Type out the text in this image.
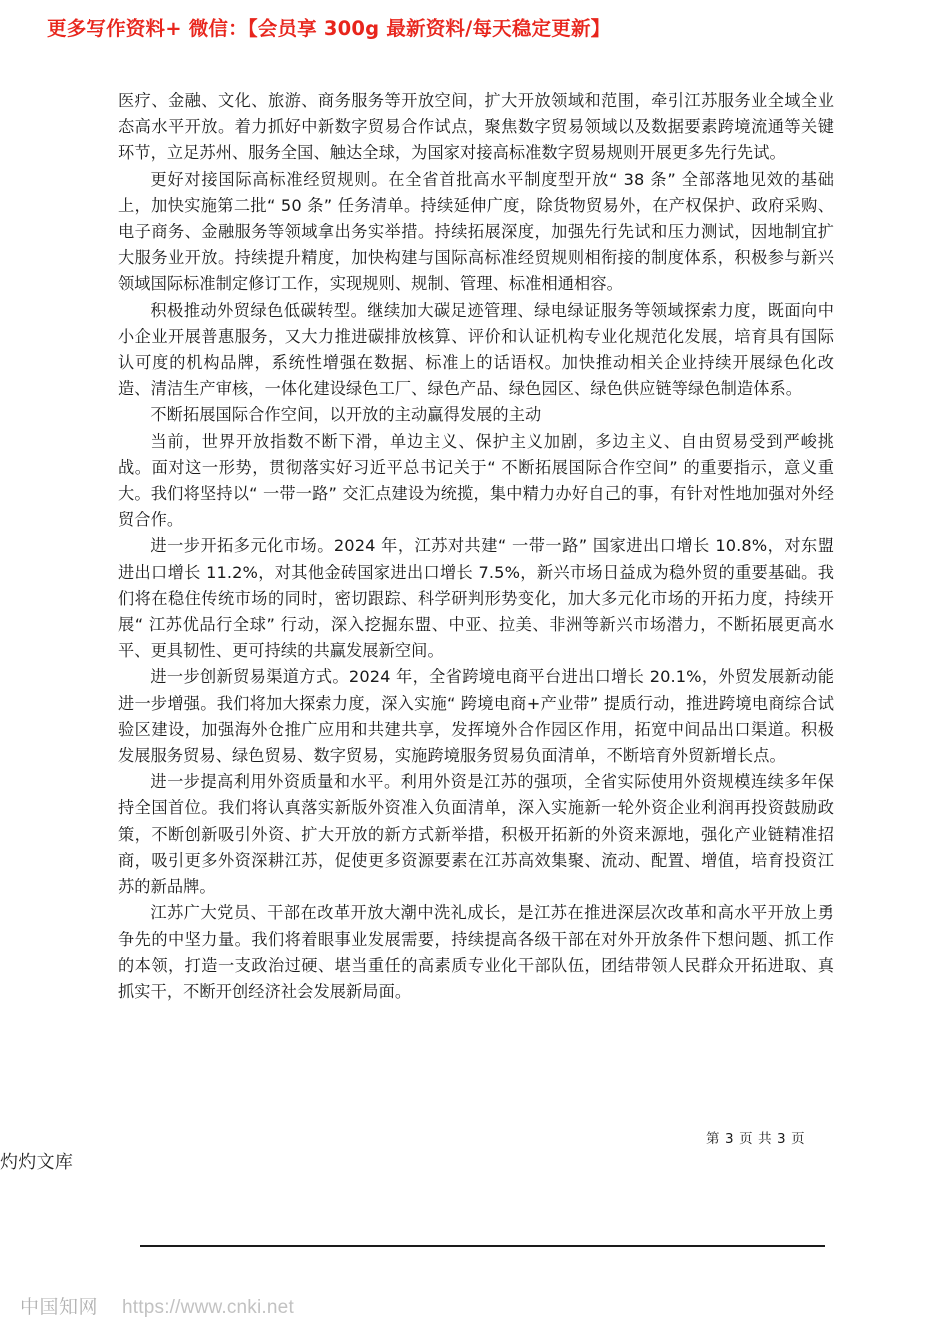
更多写作资料+ 微信：【会员享 300g 最新资料/每天稳定更新】

医疗、金融、文化、旅游、商务服务等开放空间，扩大开放领域和范围，牵引江苏服务业全域全业态高水平开放。着力抓好中新数字贸易合作试点，聚焦数字贸易领域以及数据要素跨境流通等关键环节，立足苏州、服务全国、触达全球，为国家对接高标准数字贸易规则开展更多先行先试。

更好对接国际高标准经贸规则。在全省首批高水平制度型开放“ 38 条” 全部落地见效的基础上，加快实施第二批“ 50 条” 任务清单。持续延伸广度，除货物贸易外，在产权保护、政府采购、电子商务、金融服务等领域拿出务实举措。持续拓展深度，加强先行先试和压力测试，因地制宜扩大服务业开放。持续提升精度，加快构建与国际高标准经贸规则相衔接的制度体系，积极参与新兴领域国际标准制定修订工作，实现规则、规制、管理、标准相通相容。

积极推动外贸绿色低碳转型。继续加大碳足迹管理、绿电绿证服务等领域探索力度，既面向中小企业开展普惠服务，又大力推进碳排放核算、评价和认证机构专业化规范化发展，培育具有国际认可度的机构品牌，系统性增强在数据、标准上的话语权。加快推动相关企业持续开展绿色化改造、清洁生产审核，一体化建设绿色工厂、绿色产品、绿色园区、绿色供应链等绿色制造体系。

不断拓展国际合作空间，以开放的主动赢得发展的主动

当前，世界开放指数不断下滑，单边主义、保护主义加剧，多边主义、自由贸易受到严峻挑战。面对这一形势，贯彻落实好习近平总书记关于“ 不断拓展国际合作空间” 的重要指示，意义重大。我们将坚持以“ 一带一路” 交汇点建设为统揽，集中精力办好自己的事，有针对性地加强对外经贸合作。

进一步开拓多元化市场。2024 年，江苏对共建“ 一带一路” 国家进出口增长 10.8%，对东盟进出口增长 11.2%，对其他金砖国家进出口增长 7.5%，新兴市场日益成为稳外贸的重要基础。我们将在稳住传统市场的同时，密切跟踪、科学研判形势变化，加大多元化市场的开拓力度，持续开展“ 江苏优品行全球” 行动，深入挖掘东盟、中亚、拉美、非洲等新兴市场潜力，不断拓展更高水平、更具韧性、更可持续的共赢发展新空间。

进一步创新贸易渠道方式。2024 年，全省跨境电商平台进出口增长 20.1%，外贸发展新动能进一步增强。我们将加大探索力度，深入实施“ 跨境电商+产业带” 提质行动，推进跨境电商综合试验区建设，加强海外仓推广应用和共建共享，发挥境外合作园区作用，拓宽中间品出口渠道。积极发展服务贸易、绿色贸易、数字贸易，实施跨境服务贸易负面清单，不断培育外贸新增长点。

进一步提高利用外资质量和水平。利用外资是江苏的强项，全省实际使用外资规模连续多年保持全国首位。我们将认真落实新版外资准入负面清单，深入实施新一轮外资企业利润再投资鼓励政策，不断创新吸引外资、扩大开放的新方式新举措，积极开拓新的外资来源地，强化产业链精准招商，吸引更多外资深耕江苏，促使更多资源要素在江苏高效集聚、流动、配置、增值，培育投资江苏的新品牌。

江苏广大党员、干部在改革开放大潮中洗礼成长，是江苏在推进深层次改革和高水平开放上勇争先的中坚力量。我们将着眼事业发展需要，持续提高各级干部在对外开放条件下想问题、抓工作的本领，打造一支政治过硬、堪当重任的高素质专业化干部队伍，团结带领人民群众开拓进取、真抓实干，不断开创经济社会发展新局面。

第 3 页 共 3 页
灼灼文库
中国知网 https://www.cnki.net
